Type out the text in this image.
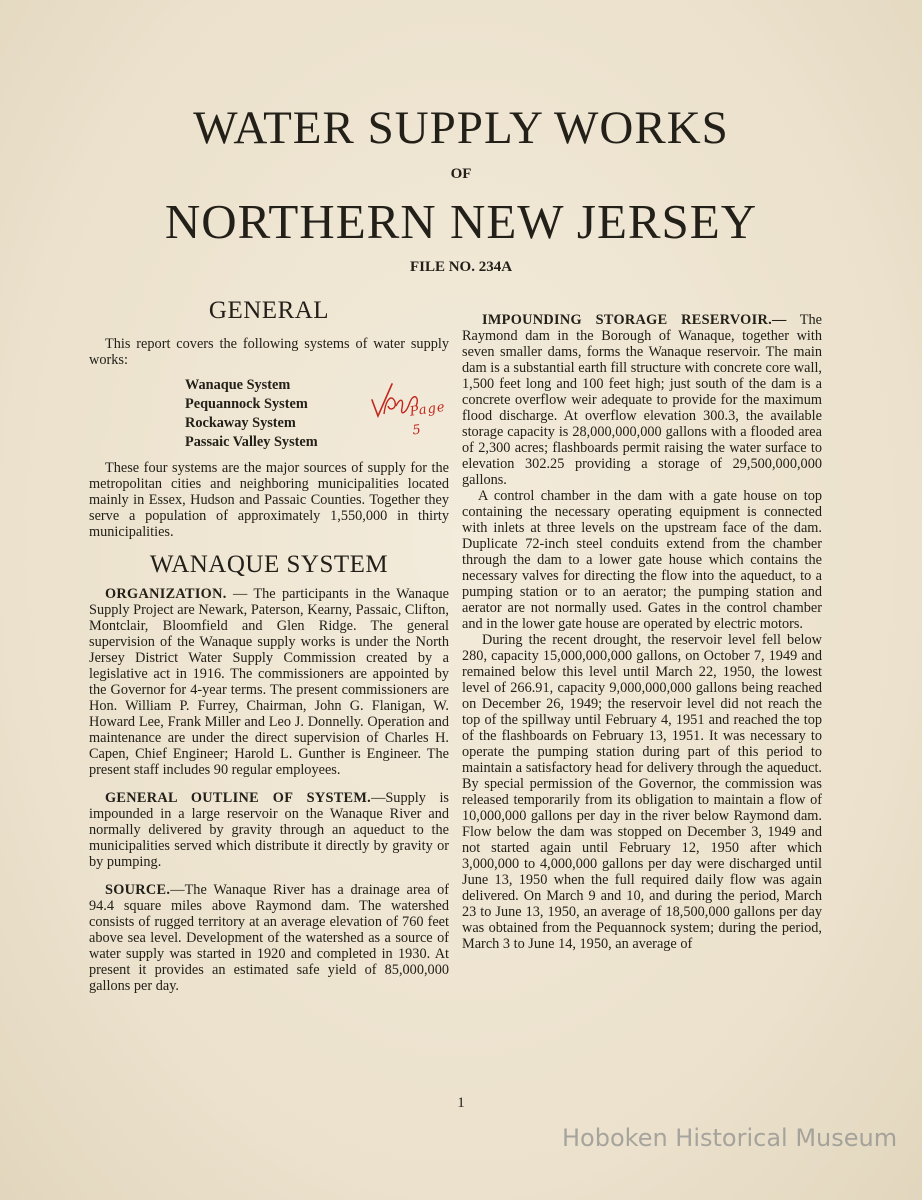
WATER SUPPLY WORKS
OF
NORTHERN NEW JERSEY
FILE NO. 234A
GENERAL

This report covers the following systems of water supply works:

Wanaque System
Pequannock System
Rockaway System
Passaic Valley System
Page 5

These four systems are the major sources of supply for the metropolitan cities and neighboring municipalities located mainly in Essex, Hudson and Passaic Counties. Together they serve a population of approximately 1,550,000 in thirty municipalities.

WANAQUE SYSTEM

ORGANIZATION. — The participants in the Wanaque Supply Project are Newark, Paterson, Kearny, Passaic, Clifton, Montclair, Bloomfield and Glen Ridge. The general supervision of the Wanaque supply works is under the North Jersey District Water Supply Commission created by a legislative act in 1916. The commissioners are appointed by the Governor for 4-year terms. The present commissioners are Hon. William P. Furrey, Chairman, John G. Flanigan, W. Howard Lee, Frank Miller and Leo J. Donnelly. Operation and maintenance are under the direct supervision of Charles H. Capen, Chief Engineer; Harold L. Gunther is Engineer. The present staff includes 90 regular employees.

GENERAL OUTLINE OF SYSTEM.—Supply is impounded in a large reservoir on the Wanaque River and normally delivered by gravity through an aqueduct to the municipalities served which distribute it directly by gravity or by pumping.

SOURCE.—The Wanaque River has a drainage area of 94.4 square miles above Raymond dam. The watershed consists of rugged territory at an average elevation of 760 feet above sea level. Development of the watershed as a source of water supply was started in 1920 and completed in 1930. At present it provides an estimated safe yield of 85,000,000 gallons per day.

IMPOUNDING STORAGE RESERVOIR.— The Raymond dam in the Borough of Wanaque, together with seven smaller dams, forms the Wanaque reservoir. The main dam is a substantial earth fill structure with concrete core wall, 1,500 feet long and 100 feet high; just south of the dam is a concrete overflow weir adequate to provide for the maximum flood discharge. At overflow elevation 300.3, the available storage capacity is 28,000,000,000 gallons with a flooded area of 2,300 acres; flashboards permit raising the water surface to elevation 302.25 providing a storage of 29,500,000,000 gallons.

A control chamber in the dam with a gate house on top containing the necessary operating equipment is connected with inlets at three levels on the upstream face of the dam. Duplicate 72-inch steel conduits extend from the chamber through the dam to a lower gate house which contains the necessary valves for directing the flow into the aqueduct, to a pumping station or to an aerator; the pumping station and aerator are not normally used. Gates in the control chamber and in the lower gate house are operated by electric motors.

During the recent drought, the reservoir level fell below 280, capacity 15,000,000,000 gallons, on October 7, 1949 and remained below this level until March 22, 1950, the lowest level of 266.91, capacity 9,000,000,000 gallons being reached on December 26, 1949; the reservoir level did not reach the top of the spillway until February 4, 1951 and reached the top of the flashboards on February 13, 1951. It was necessary to operate the pumping station during part of this period to maintain a satisfactory head for delivery through the aqueduct. By special permission of the Governor, the commission was released temporarily from its obligation to maintain a flow of 10,000,000 gallons per day in the river below Raymond dam. Flow below the dam was stopped on December 3, 1949 and not started again until February 12, 1950 after which 3,000,000 to 4,000,000 gallons per day were discharged until June 13, 1950 when the full required daily flow was again delivered. On March 9 and 10, and during the period, March 23 to June 13, 1950, an average of 18,500,000 gallons per day was obtained from the Pequannock system; during the period, March 3 to June 14, 1950, an average of

1
Hoboken Historical Museum
